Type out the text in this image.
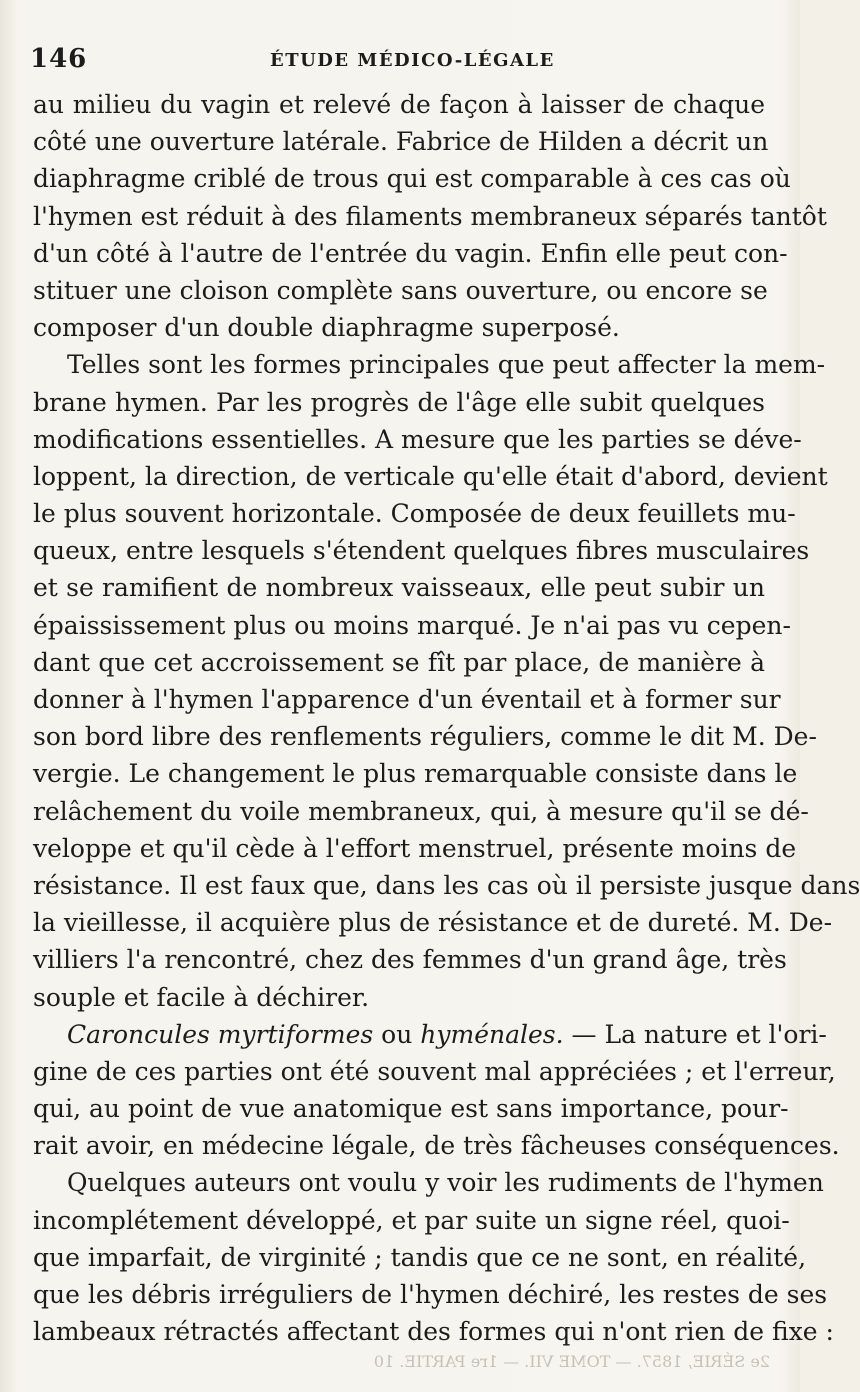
146	ÉTUDE MÉDICO-LÉGALE
au milieu du vagin et relevé de façon à laisser de chaque
côté une ouverture latérale. Fabrice de Hilden a décrit un
diaphragme criblé de trous qui est comparable à ces cas où
l'hymen est réduit à des filaments membraneux séparés tantôt
d'un côté à l'autre de l'entrée du vagin. Enfin elle peut con-
stituer une cloison complète sans ouverture, ou encore se
composer d'un double diaphragme superposé.
Telles sont les formes principales que peut affecter la mem-
brane hymen. Par les progrès de l'âge elle subit quelques
modifications essentielles. A mesure que les parties se déve-
loppent, la direction, de verticale qu'elle était d'abord, devient
le plus souvent horizontale. Composée de deux feuillets mu-
queux, entre lesquels s'étendent quelques fibres musculaires
et se ramifient de nombreux vaisseaux, elle peut subir un
épaississement plus ou moins marqué. Je n'ai pas vu cepen-
dant que cet accroissement se fît par place, de manière à
donner à l'hymen l'apparence d'un éventail et à former sur
son bord libre des renflements réguliers, comme le dit M. De-
vergie. Le changement le plus remarquable consiste dans le
relâchement du voile membraneux, qui, à mesure qu'il se dé-
veloppe et qu'il cède à l'effort menstruel, présente moins de
résistance. Il est faux que, dans les cas où il persiste jusque dans
la vieillesse, il acquière plus de résistance et de dureté. M. De-
villiers l'a rencontré, chez des femmes d'un grand âge, très
souple et facile à déchirer.
Caroncules myrtiformes ou hyménales. — La nature et l'ori-
gine de ces parties ont été souvent mal appréciées ; et l'erreur,
qui, au point de vue anatomique est sans importance, pour-
rait avoir, en médecine légale, de très fâcheuses conséquences.
Quelques auteurs ont voulu y voir les rudiments de l'hymen
incomplétement développé, et par suite un signe réel, quoi-
que imparfait, de virginité ; tandis que ce ne sont, en réalité,
que les débris irréguliers de l'hymen déchiré, les restes de ses
lambeaux rétractés affectant des formes qui n'ont rien de fixe :
2e SÉRIE, 1857. — TOME VII. — 1re PARTIE. 10
